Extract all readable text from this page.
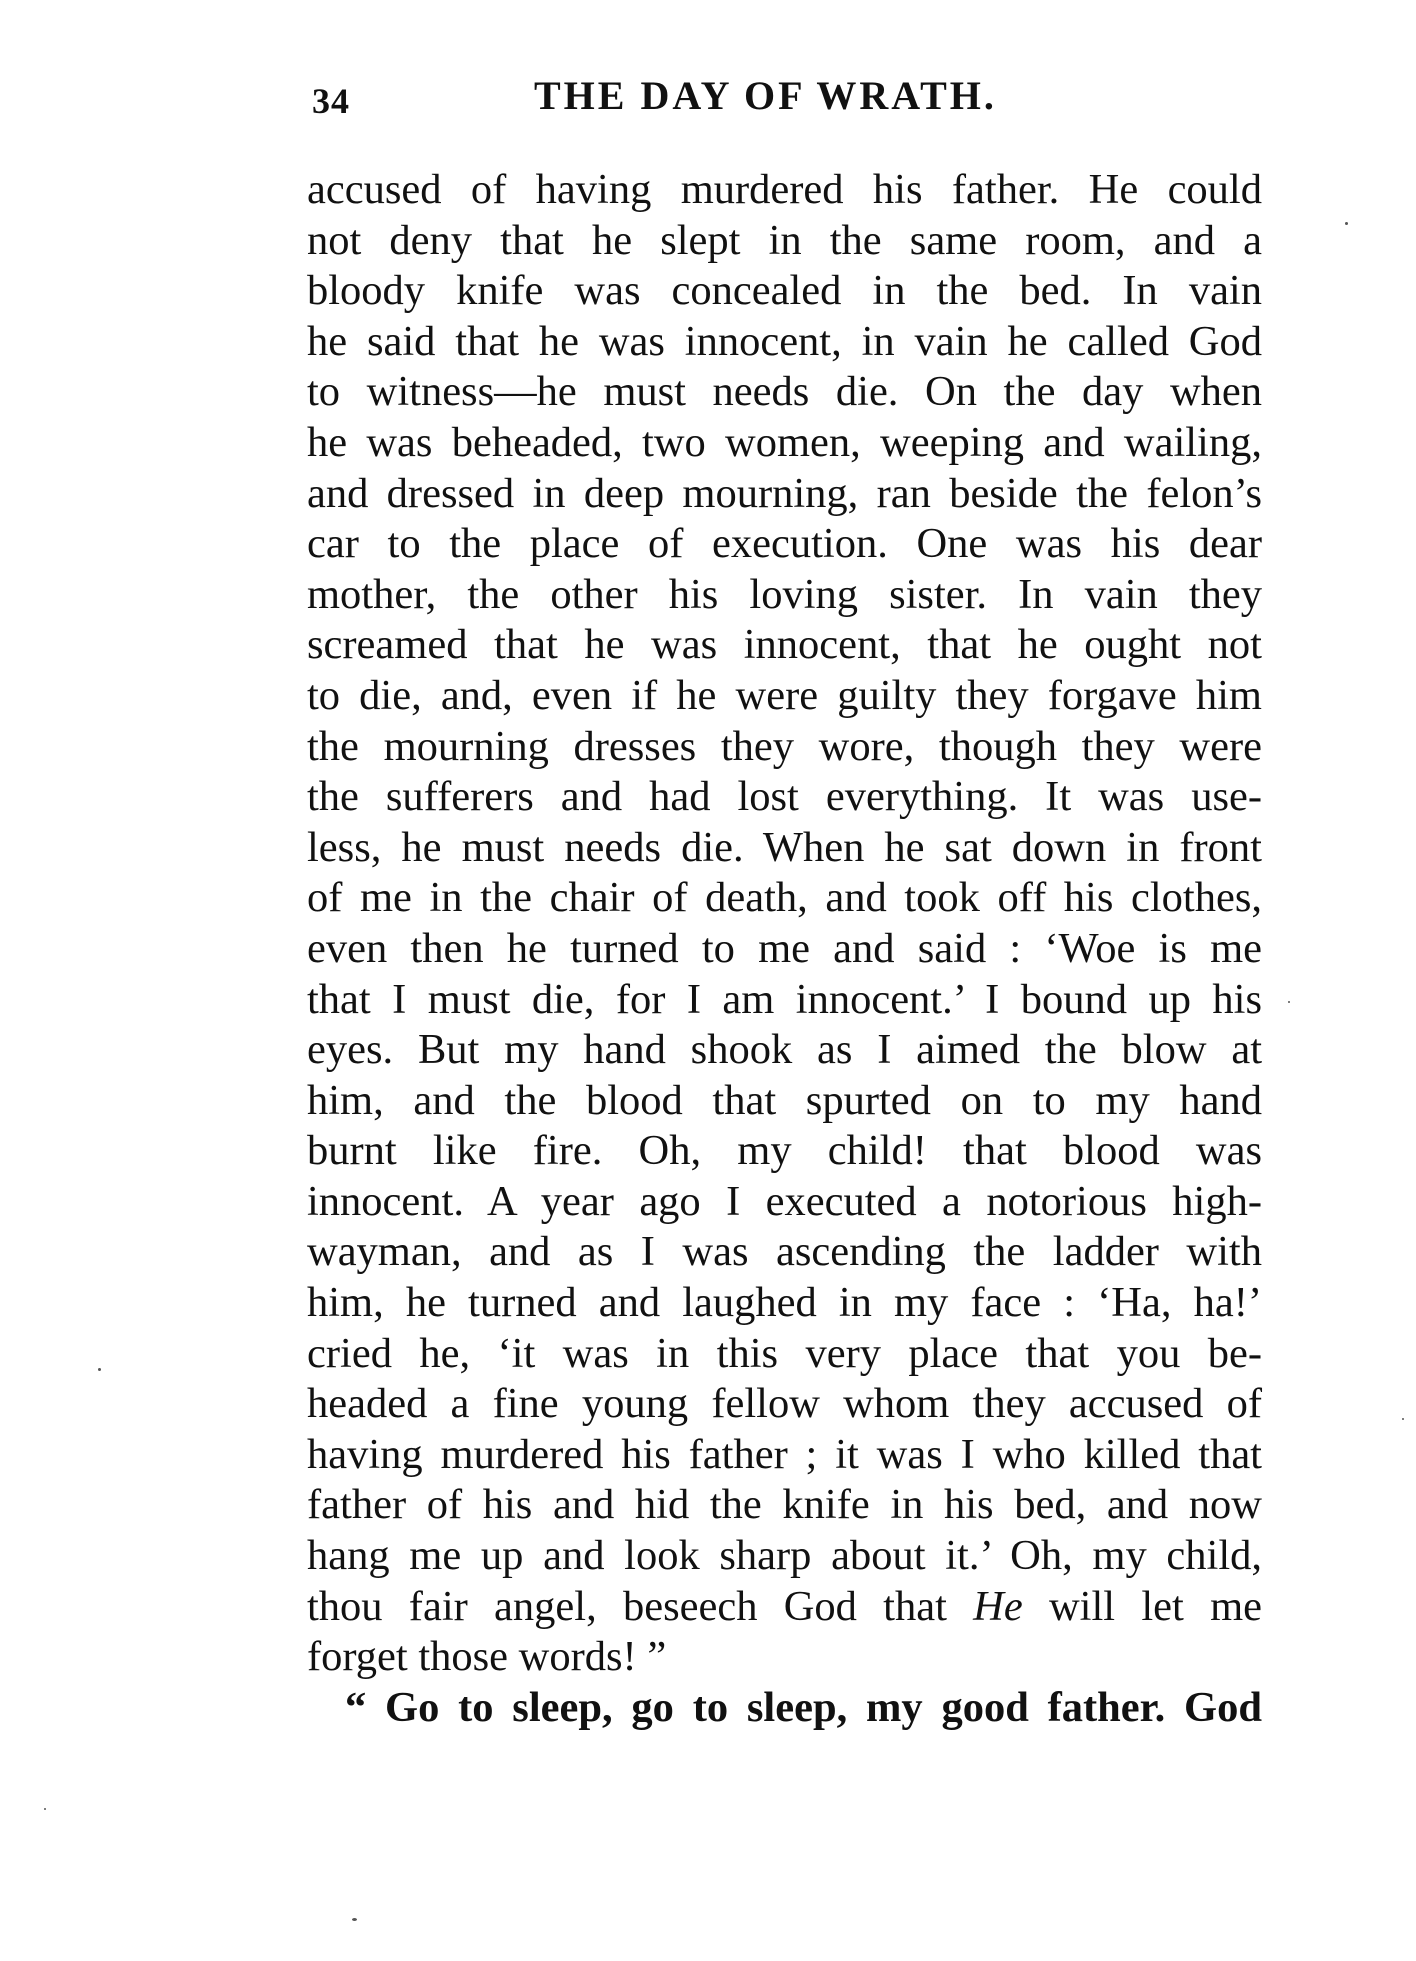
34	THE DAY OF WRATH.
accused of having murdered his father. He could
not deny that he slept in the same room, and a
bloody knife was concealed in the bed. In vain
he said that he was innocent, in vain he called God
to witness—he must needs die. On the day when
he was beheaded, two women, weeping and wailing,
and dressed in deep mourning, ran beside the felon’s
car to the place of execution. One was his dear
mother, the other his loving sister. In vain they
screamed that he was innocent, that he ought not
to die, and, even if he were guilty they forgave him
the mourning dresses they wore, though they were
the sufferers and had lost everything. It was use-
less, he must needs die. When he sat down in front
of me in the chair of death, and took off his clothes,
even then he turned to me and said : ‘Woe is me
that I must die, for I am innocent.’ I bound up his
eyes. But my hand shook as I aimed the blow at
him, and the blood that spurted on to my hand
burnt like fire. Oh, my child! that blood was
innocent. A year ago I executed a notorious high-
wayman, and as I was ascending the ladder with
him, he turned and laughed in my face : ‘Ha, ha!’
cried he, ‘it was in this very place that you be-
headed a fine young fellow whom they accused of
having murdered his father ; it was I who killed that
father of his and hid the knife in his bed, and now
hang me up and look sharp about it.’ Oh, my child,
thou fair angel, beseech God that He will let me
forget those words! ”
“ Go to sleep, go to sleep, my good father. God
